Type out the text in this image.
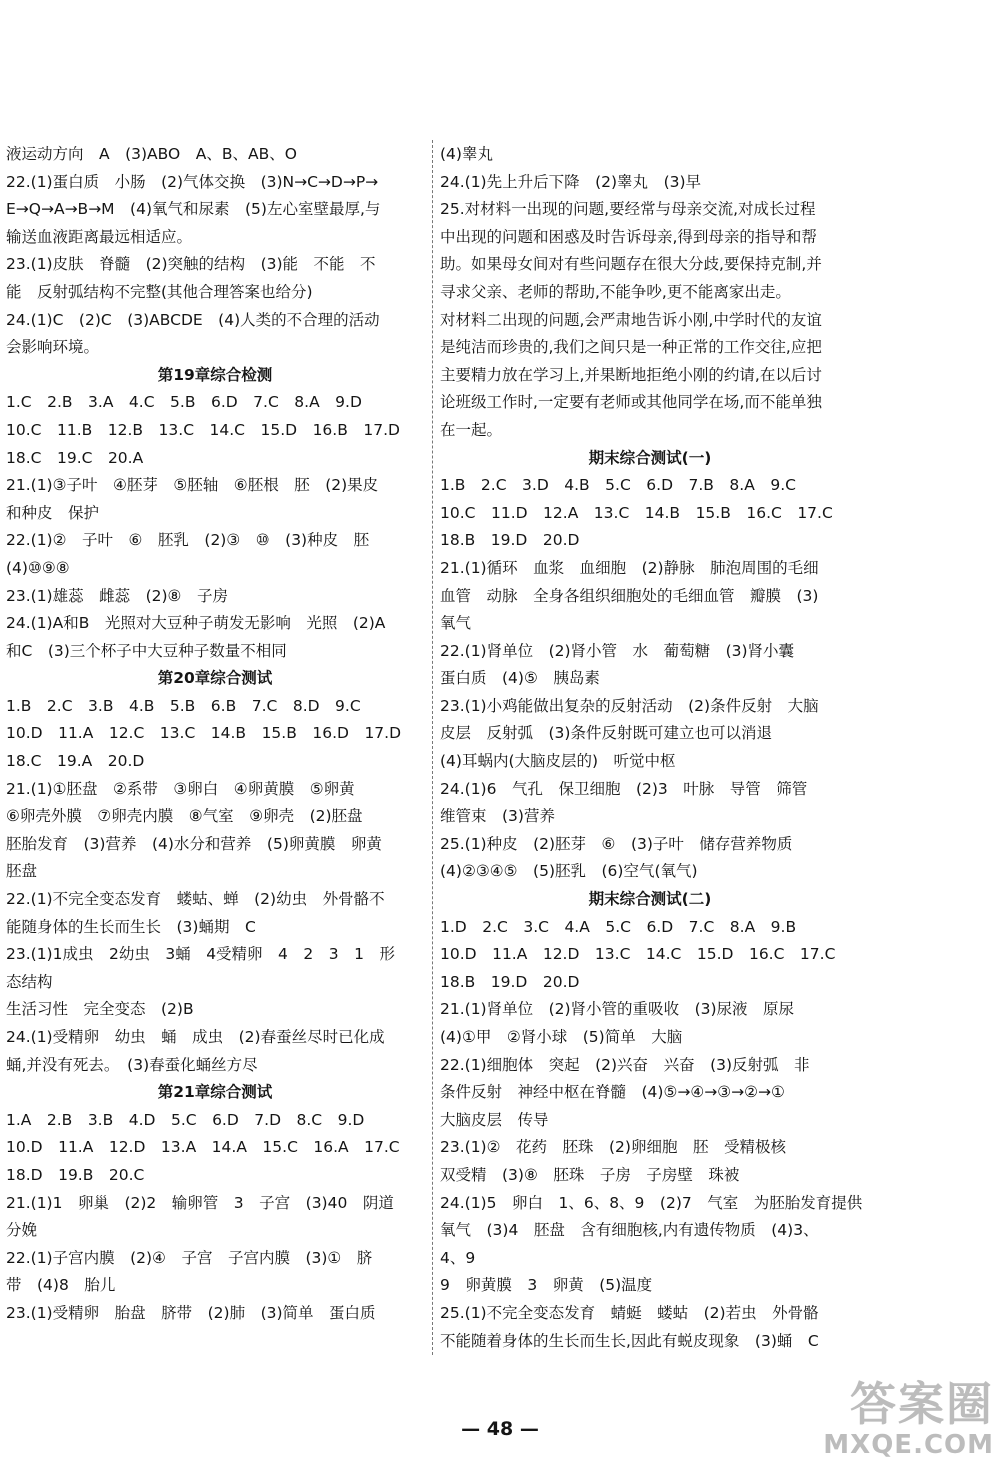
液运动方向　A　(3)ABO　A、B、AB、O
22.(1)蛋白质　小肠　(2)气体交换　(3)N→C→D→P→
E→Q→A→B→M　(4)氧气和尿素　(5)左心室壁最厚,与
输送血液距离最远相适应。
23.(1)皮肤　脊髓　(2)突触的结构　(3)能　不能　不
能　反射弧结构不完整(其他合理答案也给分)
24.(1)C　(2)C　(3)ABCDE　(4)人类的不合理的活动
会影响环境。
第19章综合检测
1.C　2.B　3.A　4.C　5.B　6.D　7.C　8.A　9.D
10.C　11.B　12.B　13.C　14.C　15.D　16.B　17.D
18.C　19.C　20.A
21.(1)③子叶　④胚芽　⑤胚轴　⑥胚根　胚　(2)果皮
和种皮　保护
22.(1)②　子叶　⑥　胚乳　(2)③　⑩　(3)种皮　胚
(4)⑩⑨⑧
23.(1)雄蕊　雌蕊　(2)⑧　子房
24.(1)A和B　光照对大豆种子萌发无影响　光照　(2)A
和C　(3)三个杯子中大豆种子数量不相同
第20章综合测试
1.B　2.C　3.B　4.B　5.B　6.B　7.C　8.D　9.C
10.D　11.A　12.C　13.C　14.B　15.B　16.D　17.D
18.C　19.A　20.D
21.(1)①胚盘　②系带　③卵白　④卵黄膜　⑤卵黄
⑥卵壳外膜　⑦卵壳内膜　⑧气室　⑨卵壳　(2)胚盘
胚胎发育　(3)营养　(4)水分和营养　(5)卵黄膜　卵黄
胚盘
22.(1)不完全变态发育　蝼蛄、蝉　(2)幼虫　外骨骼不
能随身体的生长而生长　(3)蛹期　C
23.(1)1成虫　2幼虫　3蛹　4受精卵　4　2　3　1　形
态结构
生活习性　完全变态　(2)B
24.(1)受精卵　幼虫　蛹　成虫　(2)春蚕丝尽时已化成
蛹,并没有死去。　(3)春蚕化蛹丝方尽
第21章综合测试
1.A　2.B　3.B　4.D　5.C　6.D　7.D　8.C　9.D
10.D　11.A　12.D　13.A　14.A　15.C　16.A　17.C
18.D　19.B　20.C
21.(1)1　卵巢　(2)2　输卵管　3　子宫　(3)40　阴道
分娩
22.(1)子宫内膜　(2)④　子宫　子宫内膜　(3)①　脐
带　(4)8　胎儿
23.(1)受精卵　胎盘　脐带　(2)肺　(3)简单　蛋白质
(4)睾丸
24.(1)先上升后下降　(2)睾丸　(3)早
25.对材料一出现的问题,要经常与母亲交流,对成长过程
中出现的问题和困惑及时告诉母亲,得到母亲的指导和帮
助。如果母女间对有些问题存在很大分歧,要保持克制,并
寻求父亲、老师的帮助,不能争吵,更不能离家出走。
对材料二出现的问题,会严肃地告诉小刚,中学时代的友谊
是纯洁而珍贵的,我们之间只是一种正常的工作交往,应把
主要精力放在学习上,并果断地拒绝小刚的约请,在以后讨
论班级工作时,一定要有老师或其他同学在场,而不能单独
在一起。
期末综合测试(一)
1.B　2.C　3.D　4.B　5.C　6.D　7.B　8.A　9.C
10.C　11.D　12.A　13.C　14.B　15.B　16.C　17.C
18.B　19.D　20.D
21.(1)循环　血浆　血细胞　(2)静脉　肺泡周围的毛细
血管　动脉　全身各组织细胞处的毛细血管　瓣膜　(3)
氧气
22.(1)肾单位　(2)肾小管　水　葡萄糖　(3)肾小囊
蛋白质　(4)⑤　胰岛素
23.(1)小鸡能做出复杂的反射活动　(2)条件反射　大脑
皮层　反射弧　(3)条件反射既可建立也可以消退
(4)耳蜗内(大脑皮层的)　听觉中枢
24.(1)6　气孔　保卫细胞　(2)3　叶脉　导管　筛管
维管束　(3)营养
25.(1)种皮　(2)胚芽　⑥　(3)子叶　储存营养物质
(4)②③④⑤　(5)胚乳　(6)空气(氧气)
期末综合测试(二)
1.D　2.C　3.C　4.A　5.C　6.D　7.C　8.A　9.B
10.D　11.A　12.D　13.C　14.C　15.D　16.C　17.C
18.B　19.D　20.D
21.(1)肾单位　(2)肾小管的重吸收　(3)尿液　原尿
(4)①甲　②肾小球　(5)简单　大脑
22.(1)细胞体　突起　(2)兴奋　兴奋　(3)反射弧　非
条件反射　神经中枢在脊髓　(4)⑤→④→③→②→①
大脑皮层　传导
23.(1)②　花药　胚珠　(2)卵细胞　胚　受精极核
双受精　(3)⑧　胚珠　子房　子房壁　珠被
24.(1)5　卵白　1、6、8、9　(2)7　气室　为胚胎发育提供
氧气　(3)4　胚盘　含有细胞核,内有遗传物质　(4)3、
4、9
9　卵黄膜　3　卵黄　(5)温度
25.(1)不完全变态发育　蜻蜓　蝼蛄　(2)若虫　外骨骼
不能随着身体的生长而生长,因此有蜕皮现象　(3)蛹　C
— 48 —	答案圈
MXQE.COM
